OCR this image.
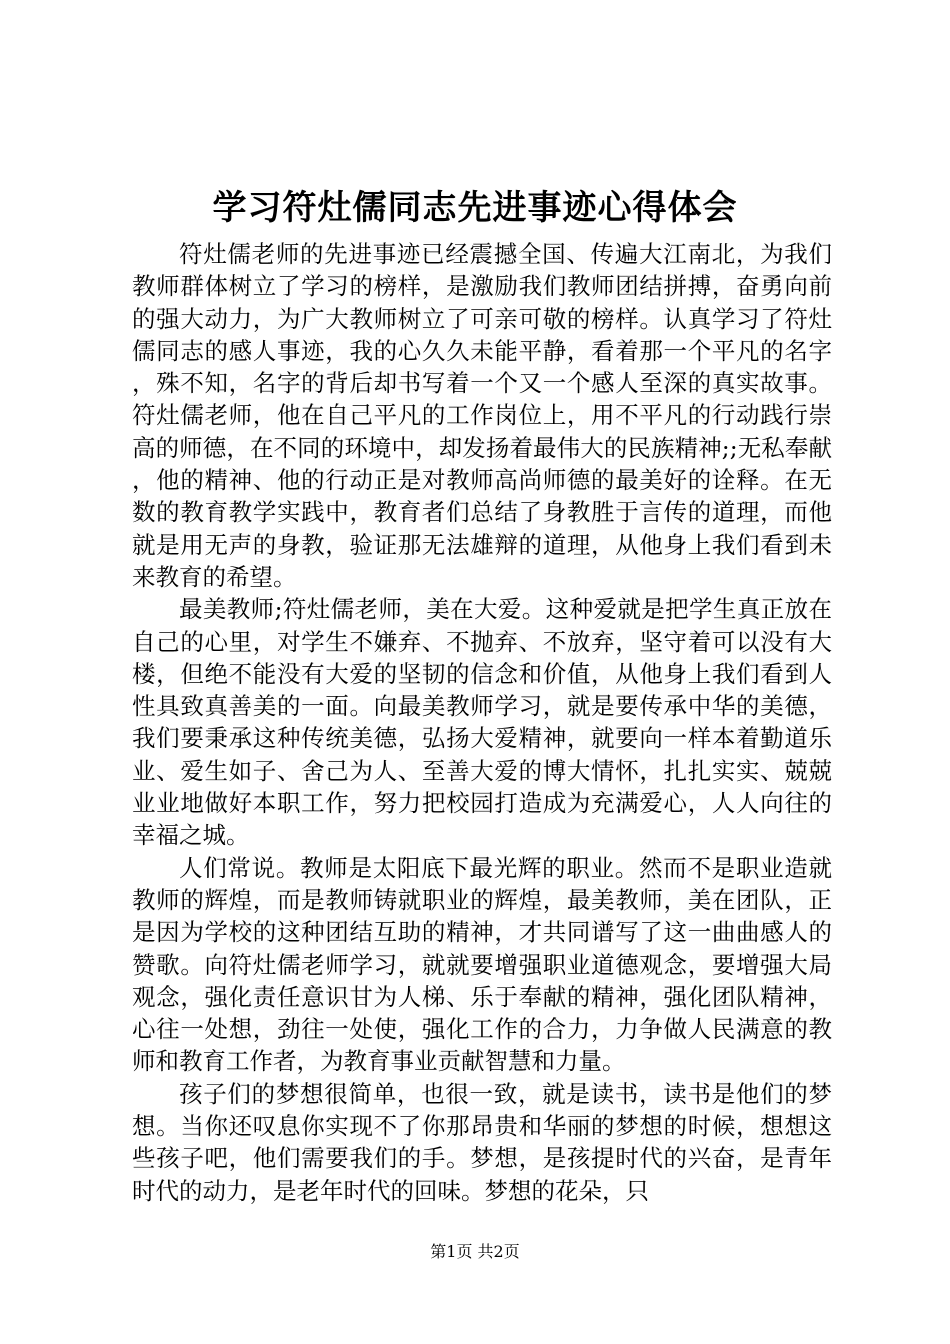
学习符灶儒同志先进事迹心得体会

符灶儒老师的先进事迹已经震撼全国、传遍大江南北，为我们教师群体树立了学习的榜样，是激励我们教师团结拼搏，奋勇向前的强大动力，为广大教师树立了可亲可敬的榜样。认真学习了符灶儒同志的感人事迹，我的心久久未能平静，看着那一个平凡的名字，殊不知，名字的背后却书写着一个又一个感人至深的真实故事。符灶儒老师，他在自己平凡的工作岗位上，用不平凡的行动践行崇高的师德，在不同的环境中，却发扬着最伟大的民族精神;;无私奉献，他的精神、他的行动正是对教师高尚师德的最美好的诠释。在无数的教育教学实践中，教育者们总结了身教胜于言传的道理，而他就是用无声的身教，验证那无法雄辩的道理，从他身上我们看到未来教育的希望。

最美教师;符灶儒老师，美在大爱。这种爱就是把学生真正放在自己的心里，对学生不嫌弃、不抛弃、不放弃，坚守着可以没有大楼，但绝不能没有大爱的坚韧的信念和价值，从他身上我们看到人性具致真善美的一面。向最美教师学习，就是要传承中华的美德，我们要秉承这种传统美德，弘扬大爱精神，就要向一样本着勤道乐业、爱生如子、舍己为人、至善大爱的博大情怀，扎扎实实、兢兢业业地做好本职工作，努力把校园打造成为充满爱心，人人向往的幸福之城。

人们常说。教师是太阳底下最光辉的职业。然而不是职业造就教师的辉煌，而是教师铸就职业的辉煌，最美教师，美在团队，正是因为学校的这种团结互助的精神，才共同谱写了这一曲曲感人的赞歌。向符灶儒老师学习，就就要增强职业道德观念，要增强大局观念，强化责任意识甘为人梯、乐于奉献的精神，强化团队精神，心往一处想，劲往一处使，强化工作的合力，力争做人民满意的教师和教育工作者，为教育事业贡献智慧和力量。

孩子们的梦想很简单，也很一致，就是读书，读书是他们的梦想。当你还叹息你实现不了你那昂贵和华丽的梦想的时候，想想这些孩子吧，他们需要我们的手。梦想，是孩提时代的兴奋，是青年时代的动力，是老年时代的回味。梦想的花朵，只

第1页 共2页
